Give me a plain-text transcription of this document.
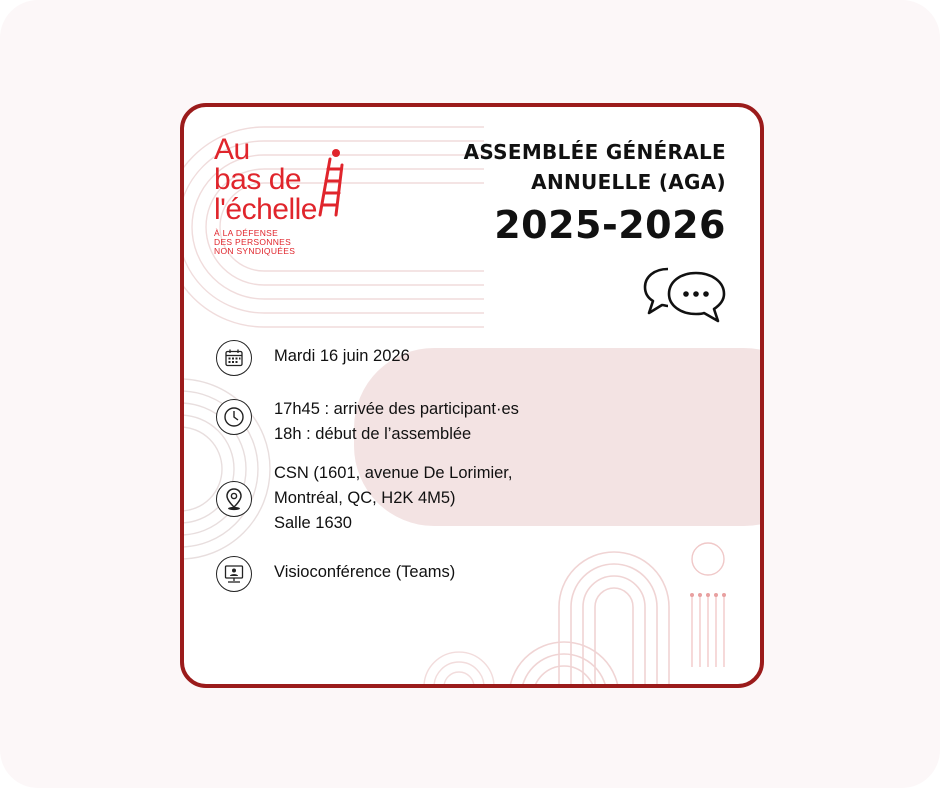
Au
bas de
l'échelle
À LA DÉFENSE
DES PERSONNES
NON SYNDIQUÉES
ASSEMBLÉE GÉNÉRALE
ANNUELLE (AGA)
2025-2026
Mardi 16 juin 2026
17h45 : arrivée des participant·es
18h : début de l’assemblée
CSN (1601, avenue De Lorimier,
Montréal, QC, H2K 4M5)
Salle 1630
Visioconférence (Teams)
